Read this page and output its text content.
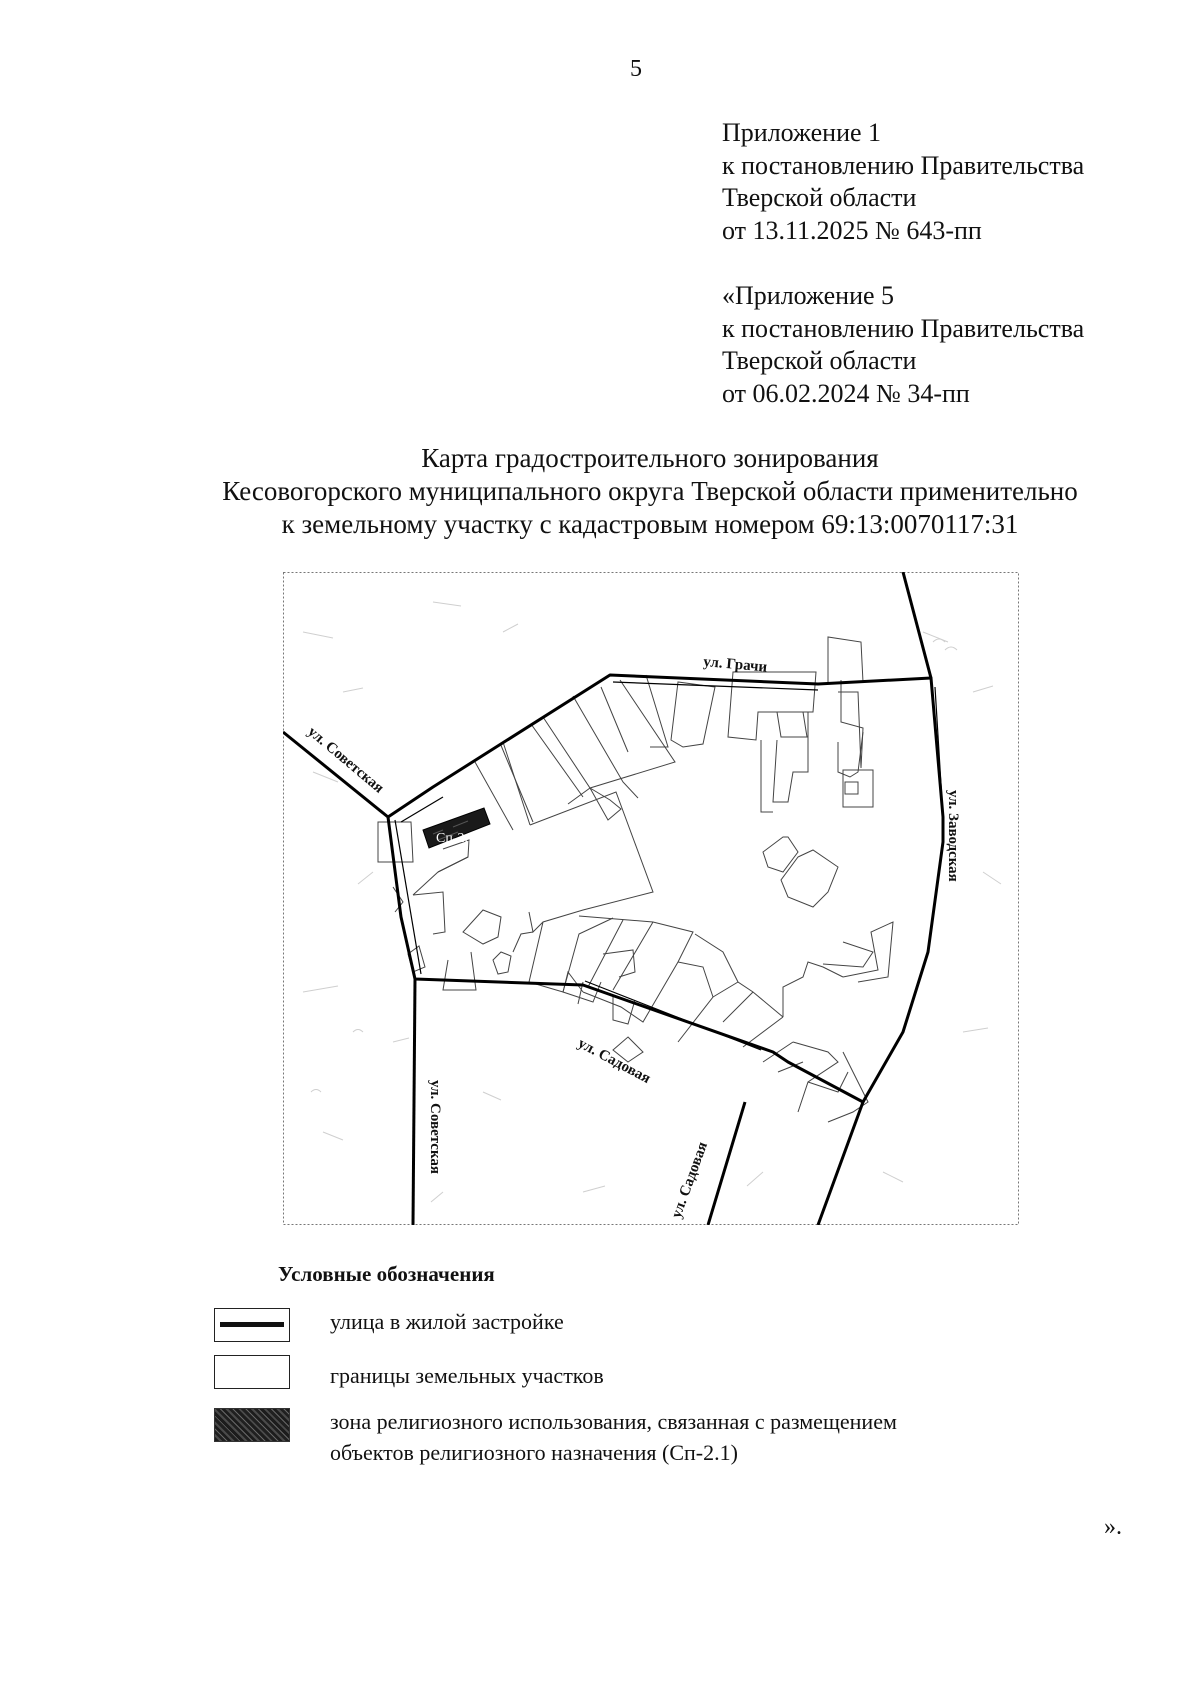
5
Приложение 1
к постановлению Правительства
Тверской области
от 13.11.2025 № 643-пп
«Приложение 5
к постановлению Правительства
Тверской области
от 06.02.2024 № 34-пп
Карта градостроительного зонирования
Кесовогорского муниципального округа Тверской области применительно
к земельному участку с кадастровым номером 69:13:0070117:31
Сп-2.1
ул. Грачи
ул. Советская
ул. Заводская
ул. Садовая
ул. Советская
ул. Садовая
Условные обозначения
улица в жилой застройке
границы земельных участков
зона религиозного использования, связанная с размещением
объектов религиозного назначения (Сп-2.1)
».
